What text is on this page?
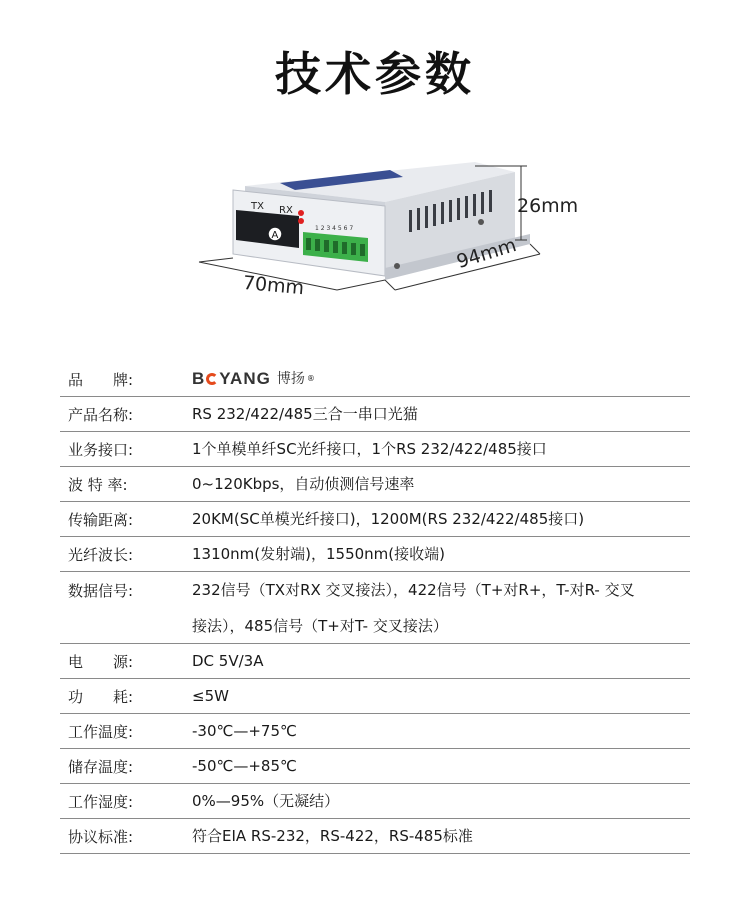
技术参数
A
TX RX
1 2 3 4 5 6 7
26mm
70mm
94mm
品　　牌:	B YANG 博扬 ®
产品名称:	RS 232/422/485三合一串口光猫
业务接口:	1个单模单纤SC光纤接口，1个RS 232/422/485接口
波 特 率:	0~120Kbps，自动侦测信号速率
传输距离:	20KM(SC单模光纤接口)，1200M(RS 232/422/485接口)
光纤波长:	1310nm(发射端)，1550nm(接收端)
数据信号:	232信号（TX对RX 交叉接法），422信号（T+对R+，T-对R- 交叉
接法），485信号（T+对T- 交叉接法）
电　　源:	DC 5V/3A
功　　耗:	≤5W
工作温度:	-30℃—+75℃
储存温度:	-50℃—+85℃
工作湿度:	0%—95%（无凝结）
协议标准:	符合EIA RS-232，RS-422，RS-485标准
